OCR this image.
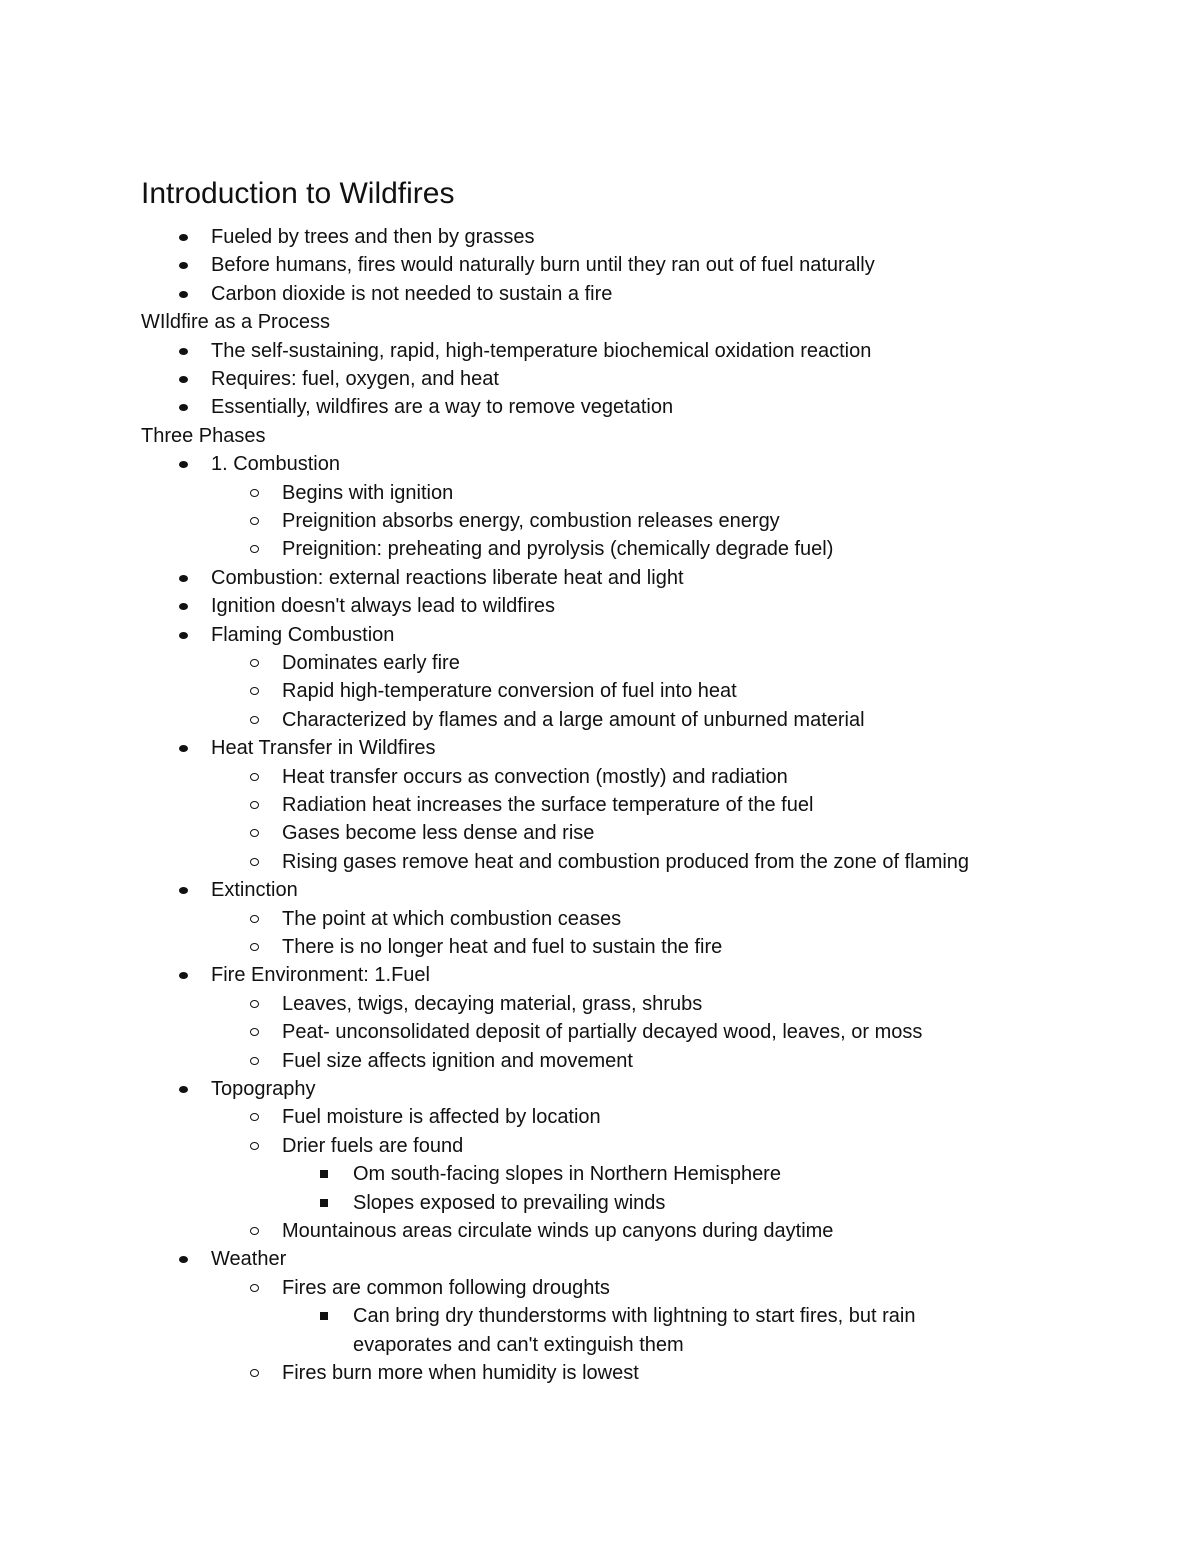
Introduction to Wildfires

Fueled by trees and then by grasses

Before humans, fires would naturally burn until they ran out of fuel naturally

Carbon dioxide is not needed to sustain a fire

WIldfire as a Process

The self-sustaining, rapid, high-temperature biochemical oxidation reaction

Requires: fuel, oxygen, and heat

Essentially, wildfires are a way to remove vegetation

Three Phases

1. Combustion

Begins with ignition

Preignition absorbs energy, combustion releases energy

Preignition: preheating and pyrolysis (chemically degrade fuel)

Combustion: external reactions liberate heat and light

Ignition doesn't always lead to wildfires

Flaming Combustion

Dominates early fire

Rapid high-temperature conversion of fuel into heat

Characterized by flames and a large amount of unburned material

Heat Transfer in Wildfires

Heat transfer occurs as convection (mostly) and radiation

Radiation heat increases the surface temperature of the fuel

Gases become less dense and rise

Rising gases remove heat and combustion produced from the zone of flaming

Extinction

The point at which combustion ceases

There is no longer heat and fuel to sustain the fire

Fire Environment: 1.Fuel

Leaves, twigs, decaying material, grass, shrubs

Peat- unconsolidated deposit of partially decayed wood, leaves, or moss

Fuel size affects ignition and movement

Topography

Fuel moisture is affected by location

Drier fuels are found

Om south-facing slopes in Northern Hemisphere

Slopes exposed to prevailing winds

Mountainous areas circulate winds up canyons during daytime

Weather

Fires are common following droughts

Can bring dry thunderstorms with lightning to start fires, but rain

evaporates and can't extinguish them

Fires burn more when humidity is lowest
